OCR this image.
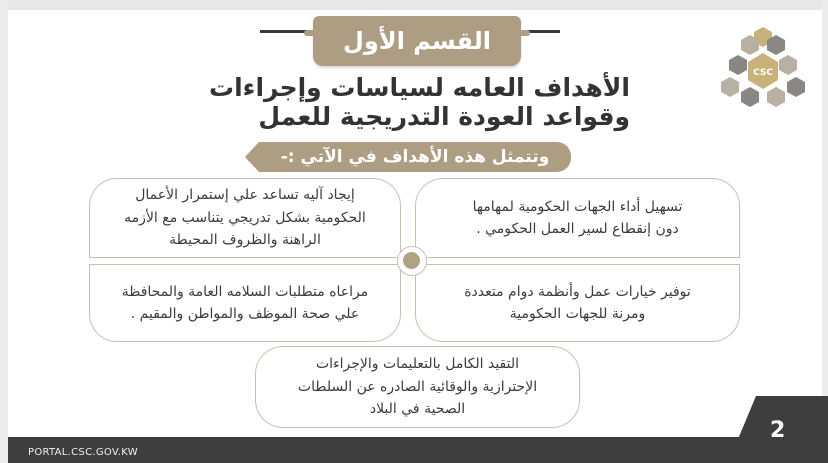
القسم الأول
الأهداف العامه لسياسات وإجراءات
وقواعد العودة التدريجية للعمل
وتتمثل هذه الأهداف في الآتي :-
CSC

تسهيل أداء الجهات الحكومية لمهامها
دون إنقطاع لسير العمل الحكومي .

إيجاد آليه تساعد علي إستمرار الأعمال
الحكومية بشكل تدريجي يتناسب مع الأزمه
الراهنة والظروف المحيطة

توفير خيارات عمل وأنظمة دوام متعددة
ومرنة للجهات الحكومية

مراعاه متطلبات السلامه العامة والمحافظة
علي صحة الموظف والمواطن والمقيم .

التقيد الكامل بالتعليمات والإجراءات
الإحترازية والوقائية الصادره عن السلطات
الصحية في البلاد

PORTAL.CSC.GOV.KW
2
